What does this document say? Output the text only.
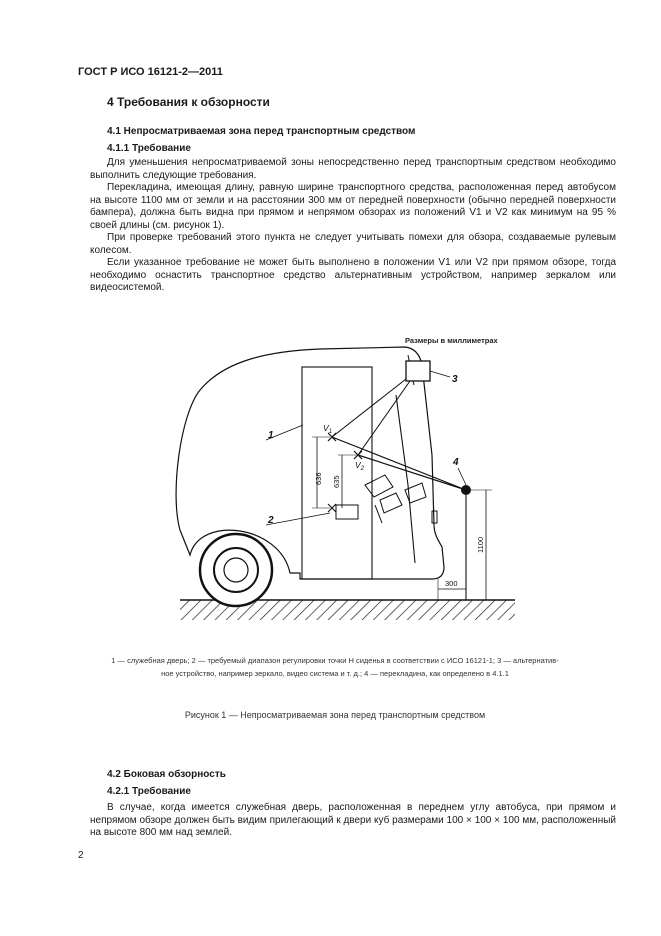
ГОСТ Р ИСО 16121-2—2011
4 Требования к обзорности
4.1 Непросматриваемая зона перед транспортным средством
4.1.1 Требование

Для уменьшения непросматриваемой зоны непосредственно перед транспортным средством необходимо выполнить следующие требования.

Перекладина, имеющая длину, равную ширине транспортного средства, расположенная перед автобусом на высоте 1100 мм от земли и на расстоянии 300 мм от передней поверхности (обычно передней поверхности бампера), должна быть видна при прямом и непрямом обзорах из положений V1 и V2 как минимум на 95 % своей длины (см. рисунок 1).

При проверке требований этого пункта не следует учитывать помехи для обзора, создаваемые рулевым колесом.

Если указанное требование не может быть выполнено в положении V1 или V2 при прямом обзоре, тогда необходимо оснастить транспортное средство альтернативным устройством, например зеркалом или видеосистемой.

Размеры в миллиметрах
$V_1$
$V_2$
636 635
1100
300
1
2
3
4
1 — служебная дверь; 2 — требуемый диапазон регулировки точки H сиденья в соответствии с ИСО 16121-1; 3 — альтернатив-
ное устройство, например зеркало, видео система и т. д.; 4 — перекладина, как определено в 4.1.1
Рисунок 1 — Непросматриваемая зона перед транспортным средством
4.2 Боковая обзорность
4.2.1 Требование

В случае, когда имеется служебная дверь, расположенная в переднем углу автобуса, при прямом и непрямом обзоре должен быть видим прилегающий к двери куб размерами 100 × 100 × 100 мм, расположенный на высоте 800 мм над землей.

2
